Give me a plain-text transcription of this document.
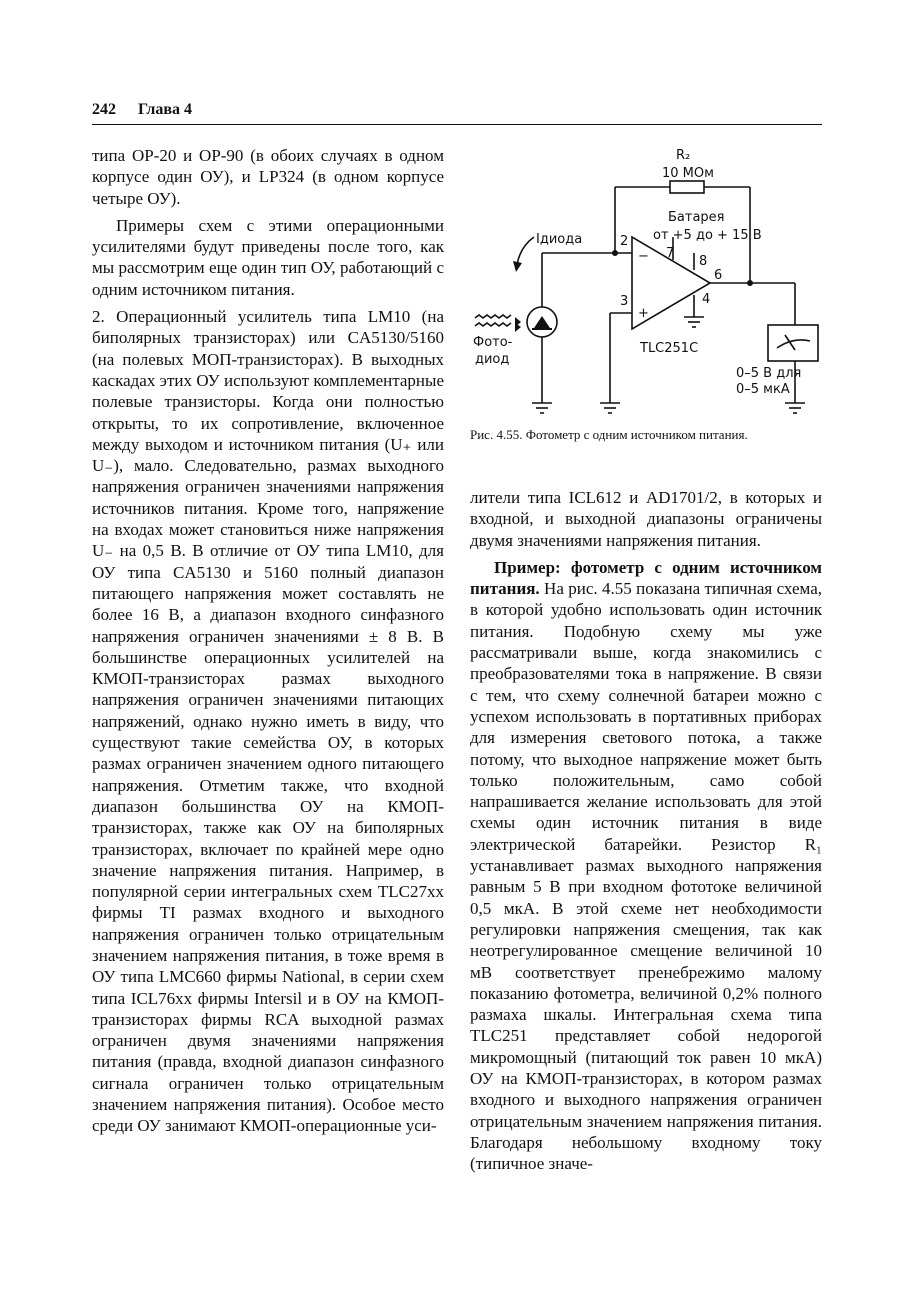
242 Глава 4

типа OP-20 и OP-90 (в обоих случаях в одном корпусе один ОУ), и LP324 (в одном корпусе четыре ОУ).

Примеры схем с этими операционными усилителями будут приведены после того, как мы рассмотрим еще один тип ОУ, работающий с одним источником питания.

2. Операционный усилитель типа LM10 (на биполярных транзисторах) или CA5130/5160 (на полевых МОП-транзисторах). В выходных каскадах этих ОУ используют комплементарные полевые транзисторы. Когда они полностью открыты, то их сопротивление, включенное между выходом и источником питания (U₊ или U₋), мало. Следовательно, размах выходного напряжения ограничен значениями напряжения источников питания. Кроме того, напряжение на входах может становиться ниже напряжения U₋ на 0,5 В. В отличие от ОУ типа LM10, для ОУ типа CA5130 и 5160 полный диапазон питающего напряжения может составлять не более 16 В, а диапазон входного синфазного напряжения ограничен значениями ± 8 В. В большинстве операционных усилителей на КМОП-транзисторах размах выходного напряжения ограничен значениями питающих напряжений, однако нужно иметь в виду, что существуют такие семейства ОУ, в которых размах ограничен значением одного питающего напряжения. Отметим также, что входной диапазон большинства ОУ на КМОП-транзисторах, также как ОУ на биполярных транзисторах, включает по крайней мере одно значение напряжения питания. Например, в популярной серии интегральных схем TLC27xx фирмы TI размах входного и выходного напряжения ограничен только отрицательным значением напряжения питания, в тоже время в ОУ типа LMC660 фирмы National, в серии схем типа ICL76xx фирмы Intersil и в ОУ на КМОП-транзисторах фирмы RCA выходной размах ограничен двумя значениями напряжения питания (правда, входной диапазон синфазного сигнала ограничен только отрицательным значением напряжения питания). Особое место среди ОУ занимают КМОП-операционные уси-

R₂
10 МОм
Батарея
от +5 до + 15 В
Iдиода	2
3
−
+
7
8
6
4
TLC251C
Фото-
диод
0–5 В для
0–5 мкА
Рис. 4.55. Фотометр с одним источником питания.

лители типа ICL612 и AD1701/2, в которых и входной, и выходной диапазоны ограничены двумя значениями напряжения питания.

Пример: фотометр с одним источником питания. На рис. 4.55 показана типичная схема, в которой удобно использовать один источник питания. Подобную схему мы уже рассматривали выше, когда знакомились с преобразователями тока в напряжение. В связи с тем, что схему солнечной батареи можно с успехом использовать в портативных приборах для измерения светового потока, а также потому, что выходное напряжение может быть только положительным, само собой напрашивается желание использовать для этой схемы один источник питания в виде электрической батарейки. Резистор R₁ устанавливает размах выходного напряжения равным 5 В при входном фототоке величиной 0,5 мкА. В этой схеме нет необходимости регулировки напряжения смещения, так как неотрегулированное смещение величиной 10 мВ соответствует пренебрежимо малому показанию фотометра, величиной 0,2% полного размаха шкалы. Интегральная схема типа TLC251 представляет собой недорогой микромощный (питающий ток равен 10 мкА) ОУ на КМОП-транзисторах, в котором размах входного и выходного напряжения ограничен отрицательным значением напряжения питания. Благодаря небольшому входному току (типичное значе-
